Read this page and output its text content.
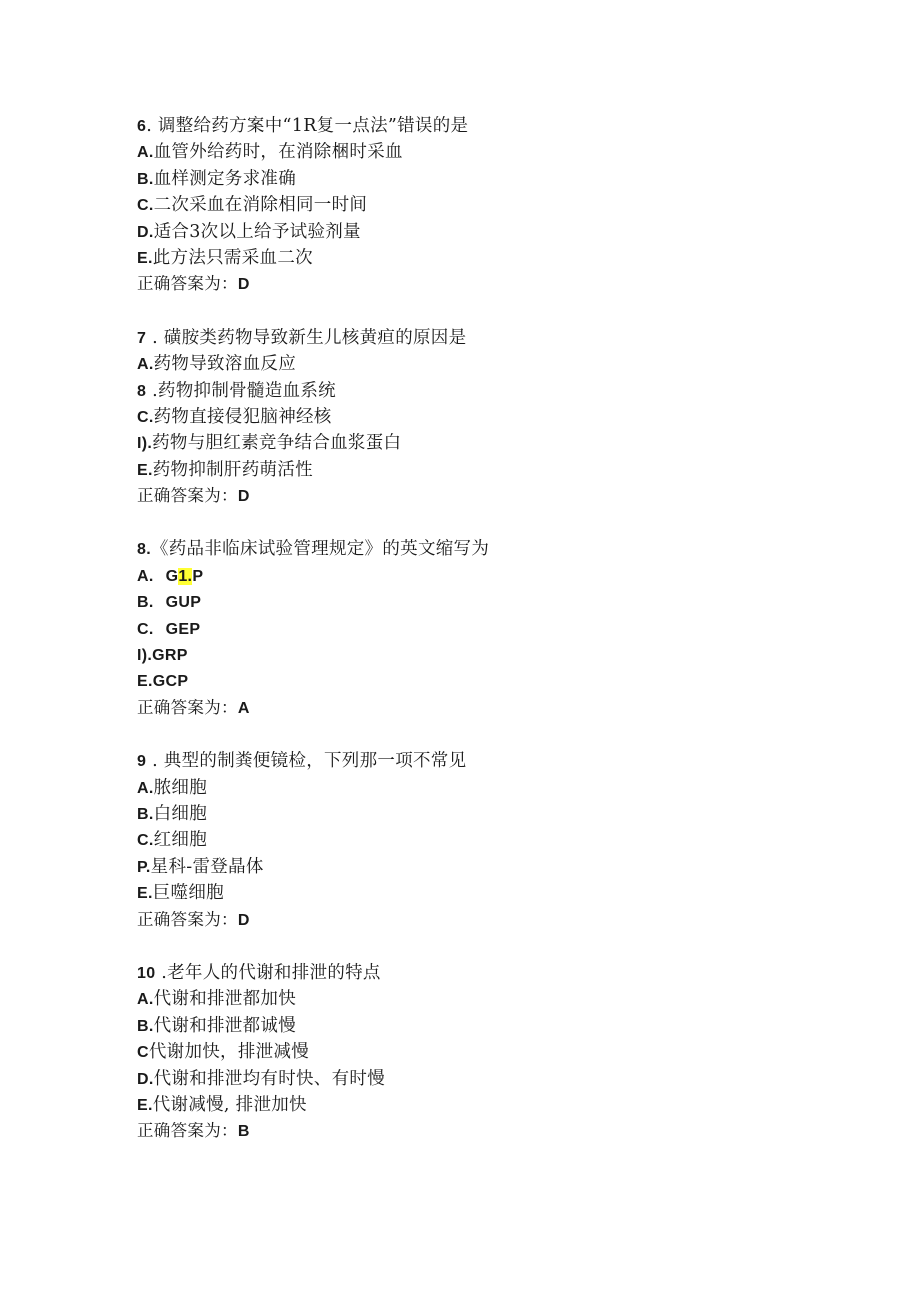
6. 调整给药方案中“1R复一点法”错误的是
A.血管外给药时，在消除梱时采血
B.血样测定务求准确
C.二次采血在消除相同一时间
D.适合3次以上给予试验剂量
E.此方法只需采血二次
正确答案为：D
7 . 磺胺类药物导致新生儿核黄疸的原因是
A.药物导致溶血反应
8 .药物抑制骨髓造血系统
C.药物直接侵犯脑神经核
I).药物与胆红素竞争结合血浆蛋白
E.药物抑制肝药萌活性
正确答案为：D
8.《药品非临床试验管理规定》的英文缩写为
A. G1.P
B. GUP
C. GEP
I).GRP
E.GCP
正确答案为：A
9 . 典型的制粪便镜检，下列那一项不常见
A.脓细胞
B.白细胞
C.红细胞
P.星科-雷登晶体
E.巨噬细胞
正确答案为：D
10 .老年人的代谢和排泄的特点
A.代谢和排泄都加快
B.代谢和排泄都诚慢
C代谢加快，排泄减慢
D.代谢和排泄均有时快、有时慢
E.代谢减慢, 排泄加快
正确答案为：B
